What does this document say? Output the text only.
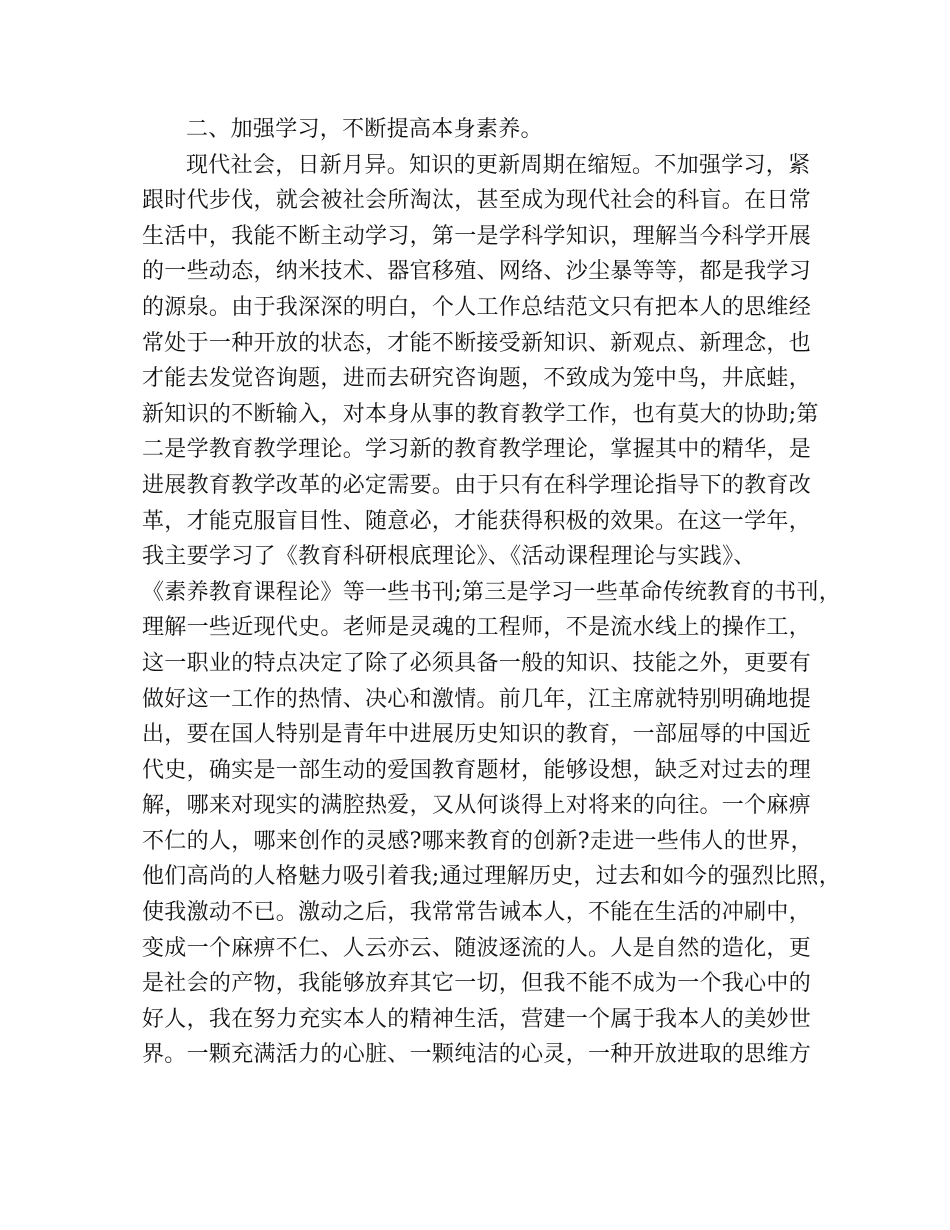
二、加强学习，不断提高本身素养。
现代社会，日新月异。知识的更新周期在缩短。不加强学习，紧
跟时代步伐，就会被社会所淘汰，甚至成为现代社会的科盲。在日常
生活中，我能不断主动学习，第一是学科学知识，理解当今科学开展
的一些动态，纳米技术、器官移殖、网络、沙尘暴等等，都是我学习
的源泉。由于我深深的明白，个人工作总结范文只有把本人的思维经
常处于一种开放的状态，才能不断接受新知识、新观点、新理念，也
才能去发觉咨询题，进而去研究咨询题，不致成为笼中鸟，井底蛙，
新知识的不断输入，对本身从事的教育教学工作，也有莫大的协助;第
二是学教育教学理论。学习新的教育教学理论，掌握其中的精华，是
进展教育教学改革的必定需要。由于只有在科学理论指导下的教育改
革，才能克服盲目性、随意必，才能获得积极的效果。在这一学年，
我主要学习了《教育科研根底理论》、《活动课程理论与实践》、
《素养教育课程论》等一些书刊;第三是学习一些革命传统教育的书刊，
理解一些近现代史。老师是灵魂的工程师，不是流水线上的操作工，
这一职业的特点决定了除了必须具备一般的知识、技能之外，更要有
做好这一工作的热情、决心和激情。前几年，江主席就特别明确地提
出，要在国人特别是青年中进展历史知识的教育，一部屈辱的中国近
代史，确实是一部生动的爱国教育题材，能够设想，缺乏对过去的理
解，哪来对现实的满腔热爱，又从何谈得上对将来的向往。一个麻痹
不仁的人，哪来创作的灵感?哪来教育的创新?走进一些伟人的世界，
他们高尚的人格魅力吸引着我;通过理解历史，过去和如今的强烈比照，
使我激动不已。激动之后，我常常告诫本人，不能在生活的冲刷中，
变成一个麻痹不仁、人云亦云、随波逐流的人。人是自然的造化，更
是社会的产物，我能够放弃其它一切，但我不能不成为一个我心中的
好人，我在努力充实本人的精神生活，营建一个属于我本人的美妙世
界。一颗充满活力的心脏、一颗纯洁的心灵，一种开放进取的思维方
